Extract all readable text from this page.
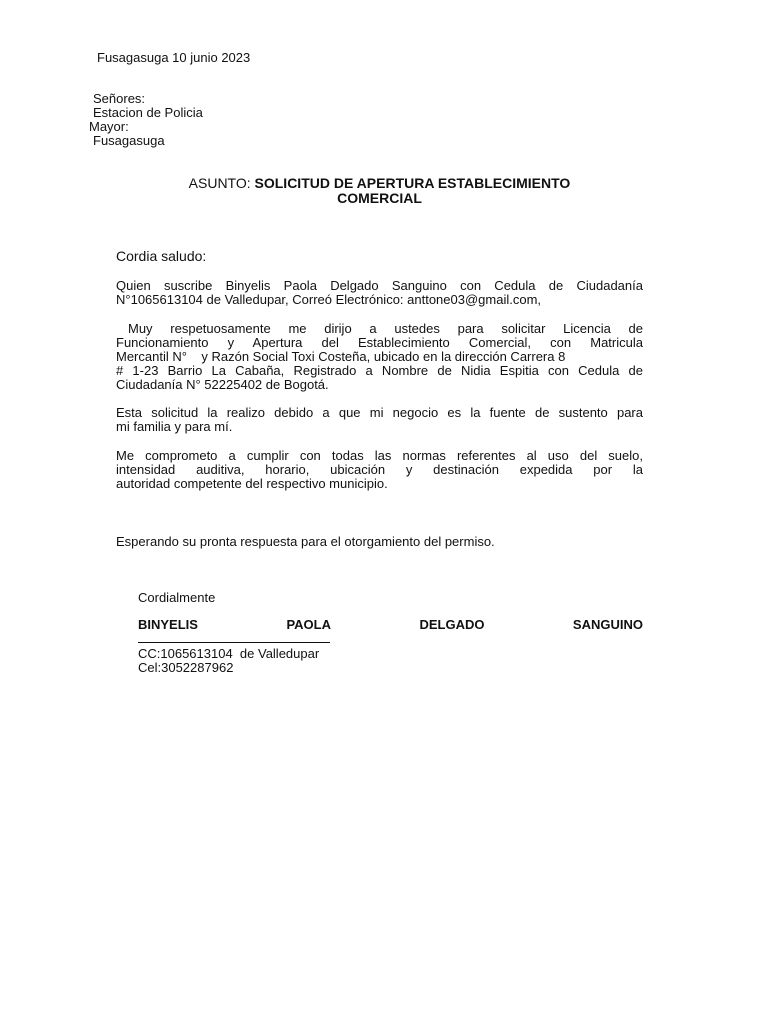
Fusagasuga 10 junio 2023
Señores:
Estacion de Policia
Mayor:
Fusagasuga
ASUNTO: SOLICITUD DE APERTURA ESTABLECIMIENTO
COMERCIAL
Cordia saludo:
Quien suscribe Binyelis Paola Delgado Sanguino con Cedula de Ciudadanía
N°1065613104 de Valledupar, Correó Electrónico: anttone03@gmail.com,
Muy respetuosamente me dirijo a ustedes para solicitar Licencia de
Funcionamiento y Apertura del Establecimiento Comercial, con Matricula
Mercantil N°    y Razón Social Toxi Costeña, ubicado en la dirección Carrera 8
# 1-23 Barrio La Cabaña, Registrado a Nombre de Nidia Espitia con Cedula de
Ciudadanía N° 52225402 de Bogotá.
Esta solicitud la realizo debido a que mi negocio es la fuente de sustento para
mi familia y para mí.
Me comprometo a cumplir con todas las normas referentes al uso del suelo,
intensidad auditiva, horario, ubicación y destinación expedida por la
autoridad competente del respectivo municipio.
Esperando su pronta respuesta para el otorgamiento del permiso.
Cordialmente
BINYELIS	PAOLA	DELGADO	SANGUINO
CC:1065613104  de Valledupar
Cel:3052287962
